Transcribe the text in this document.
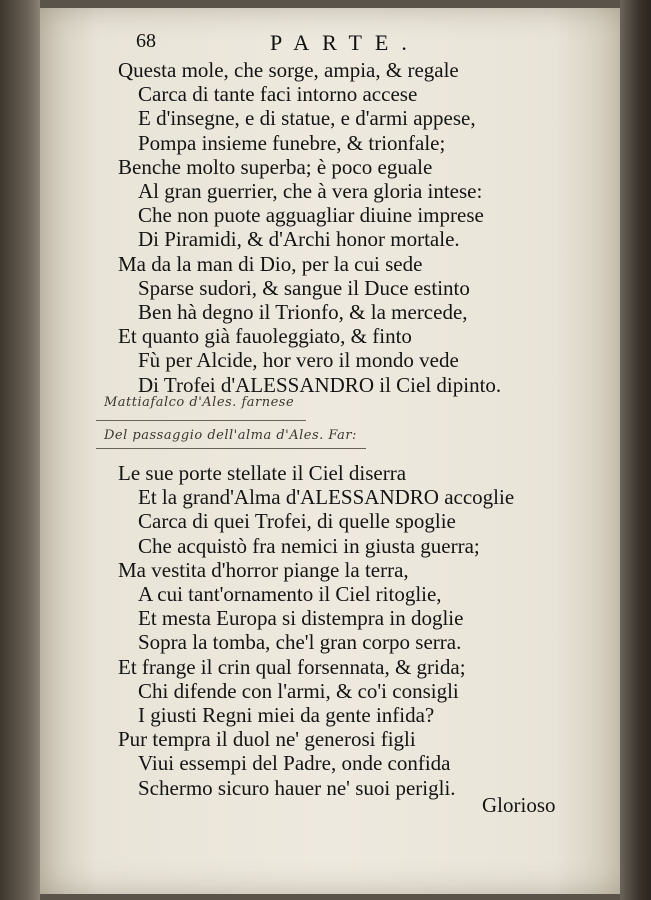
68	PARTE.
Questa mole, che sorge, ampia, & regale
Carca di tante faci intorno accese
E d'insegne, e di statue, e d'armi appese,
Pompa insieme funebre, & trionfale;
Benche molto superba; è poco eguale
Al gran guerrier, che à vera gloria intese:
Che non puote agguagliar diuine imprese
Di Piramidi, & d'Archi honor mortale.
Ma da la man di Dio, per la cui sede
Sparse sudori, & sangue il Duce estinto
Ben hà degno il Trionfo, & la mercede,
Et quanto già fauoleggiato, & finto
Fù per Alcide, hor vero il mondo vede
Di Trofei d'ALESSANDRO il Ciel dipinto.
Mattiafalco d'Ales. farnese
Del passaggio dell'alma d'Ales. Far:
Le sue porte stellate il Ciel diserra
Et la grand'Alma d'ALESSANDRO accoglie
Carca di quei Trofei, di quelle spoglie
Che acquistò fra nemici in giusta guerra;
Ma vestita d'horror piange la terra,
A cui tant'ornamento il Ciel ritoglie,
Et mesta Europa si distempra in doglie
Sopra la tomba, che'l gran corpo serra.
Et frange il crin qual forsennata, & grida;
Chi difende con l'armi, & co'i consigli
I giusti Regni miei da gente infida?
Pur tempra il duol ne' generosi figli
Viui essempi del Padre, onde confida
Schermo sicuro hauer ne' suoi perigli.
Glorioso
